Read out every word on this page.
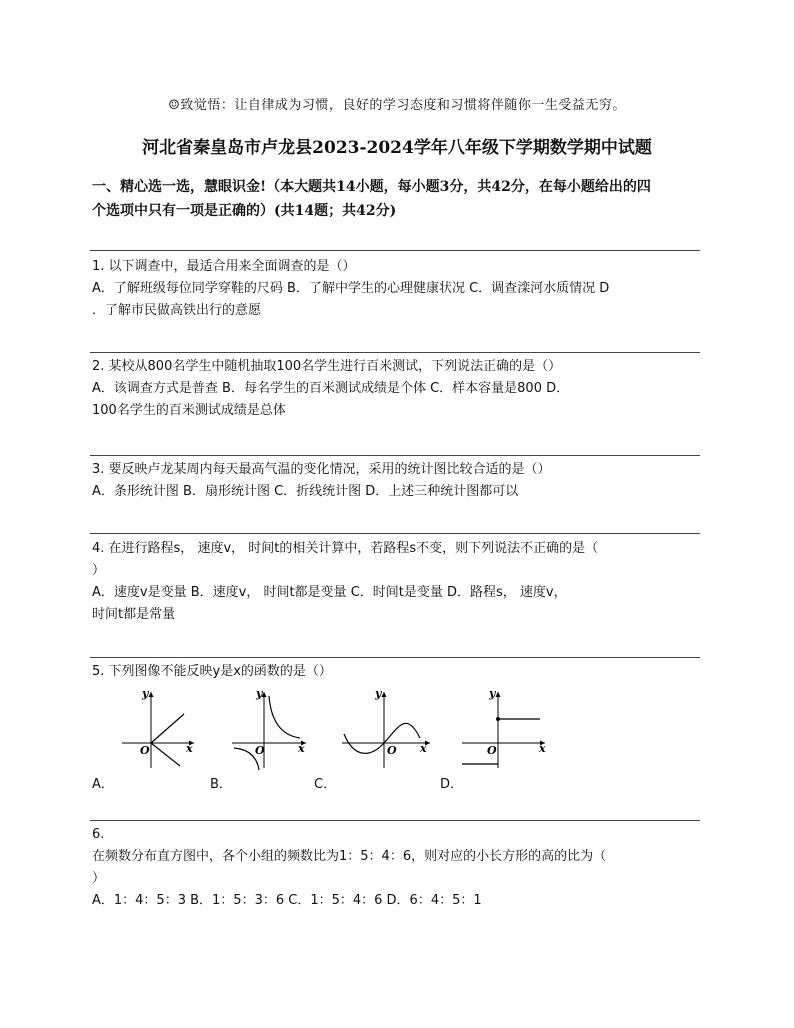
☺致觉悟：让自律成为习惯，良好的学习态度和习惯将伴随你一生受益无穷。
河北省秦皇岛市卢龙县2023-2024学年八年级下学期数学期中试题
一、精心选一选，慧眼识金!（本大题共14小题，每小题3分，共42分，在每小题给出的四
个选项中只有一项是正确的）(共14题；共42分)
1. 以下调查中，最适合用来全面调查的是（）
A．了解班级每位同学穿鞋的尺码 B．了解中学生的心理健康状况 C．调查滦河水质情况 D
．了解市民做高铁出行的意愿
2. 某校从800名学生中随机抽取100名学生进行百米测试，下列说法正确的是（）
A．该调查方式是普查 B．每名学生的百米测试成绩是个体 C．样本容量是800 D．
100名学生的百米测试成绩是总体
3. 要反映卢龙某周内每天最高气温的变化情况，采用的统计图比较合适的是（）
A．条形统计图 B．扇形统计图 C．折线统计图 D．上述三种统计图都可以
4. 在进行路程s， 速度v， 时间t的相关计算中，若路程s不变，则下列说法不正确的是（
）
A．速度v是变量 B．速度v， 时间t都是变量 C．时间t是变量 D．路程s， 速度v，
时间t都是常量
5. 下列图像不能反映y是x的函数的是（）
y
x
O
y
x
O
y
x
O
y
x
O
A．	B．	C．	D．
6.
在频数分布直方图中，各个小组的频数比为1：5：4：6，则对应的小长方形的高的比为（
）
A．1：4：5：3 B．1：5：3：6 C．1：5：4：6 D．6：4：5：1
